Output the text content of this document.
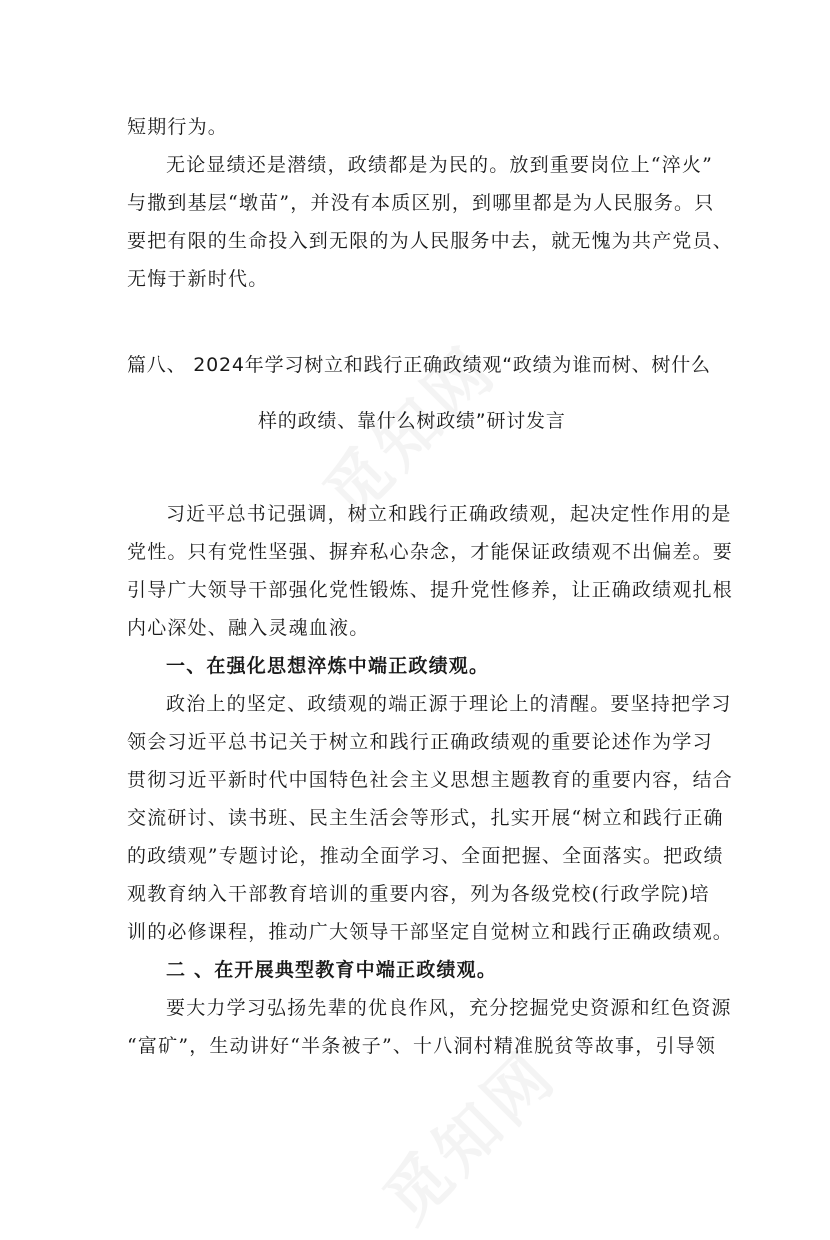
短期行为。
无论显绩还是潜绩，政绩都是为民的。放到重要岗位上“淬火”
与撒到基层“墩苗”，并没有本质区别，到哪里都是为人民服务。只
要把有限的生命投入到无限的为人民服务中去，就无愧为共产党员、
无悔于新时代。
篇八、 2024年学习树立和践行正确政绩观“政绩为谁而树、树什么
样的政绩、靠什么树政绩”研讨发言
习近平总书记强调，树立和践行正确政绩观，起决定性作用的是
党性。只有党性坚强、摒弃私心杂念，才能保证政绩观不出偏差。要
引导广大领导干部强化党性锻炼、提升党性修养，让正确政绩观扎根
内心深处、融入灵魂血液。
一、在强化思想淬炼中端正政绩观。
政治上的坚定、政绩观的端正源于理论上的清醒。要坚持把学习
领会习近平总书记关于树立和践行正确政绩观的重要论述作为学习
贯彻习近平新时代中国特色社会主义思想主题教育的重要内容，结合
交流研讨、读书班、民主生活会等形式，扎实开展“树立和践行正确
的政绩观”专题讨论，推动全面学习、全面把握、全面落实。把政绩
观教育纳入干部教育培训的重要内容，列为各级党校(行政学院)培
训的必修课程，推动广大领导干部坚定自觉树立和践行正确政绩观。
二 、在开展典型教育中端正政绩观。
要大力学习弘扬先辈的优良作风，充分挖掘党史资源和红色资源
“富矿”，生动讲好“半条被子”、十八洞村精准脱贫等故事，引导领
